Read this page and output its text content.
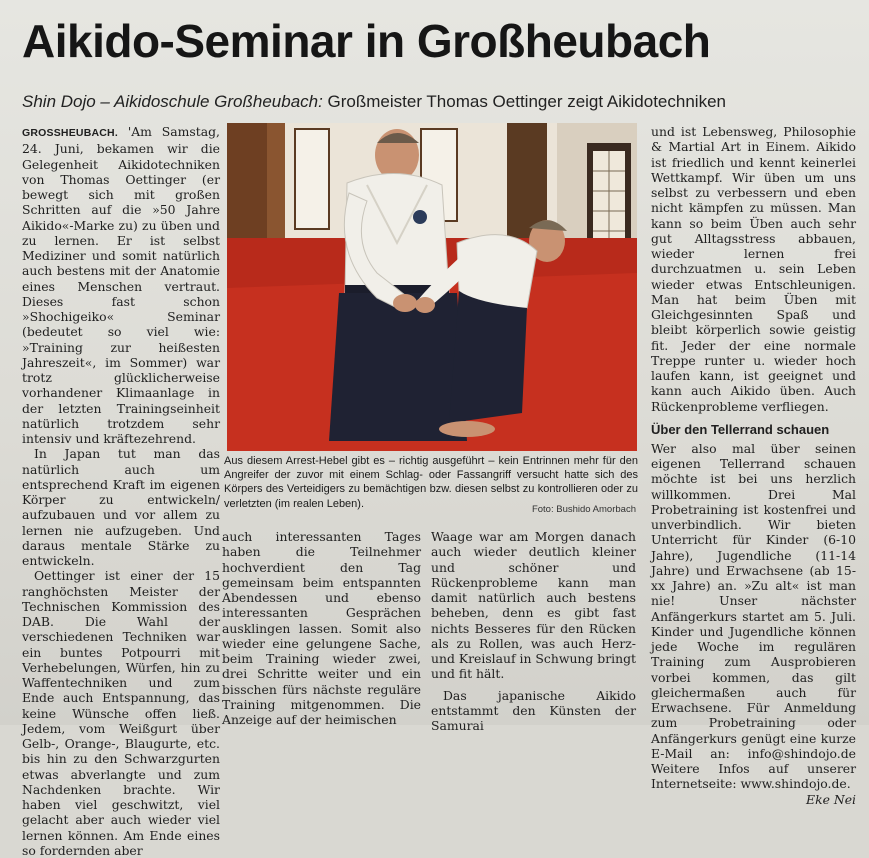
Aikido-Seminar in Großheubach
Shin Dojo – Aikidoschule Großheubach: Großmeister Thomas Oettinger zeigt Aikidotechniken

GROSSHEUBACH. 'Am Samstag, 24. Juni, bekamen wir die Gelegenheit Aikidotechniken von Thomas Oettinger (er bewegt sich mit großen Schritten auf die »50 Jahre Aikido«-Marke zu) zu üben und zu lernen. Er ist selbst Mediziner und somit natürlich auch bestens mit der Anatomie eines Menschen vertraut. Dieses fast schon »Shochigeiko« Seminar (bedeutet so viel wie: »Training zur heißesten Jahreszeit«, im Sommer) war trotz glücklicherweise vorhandener Klimaanlage in der letzten Trainingseinheit natürlich trotzdem sehr intensiv und kräftezehrend.

In Japan tut man das natürlich auch um entsprechend Kraft im eigenen Körper zu entwickeln/ aufzubauen und vor allem zu lernen nie aufzugeben. Und daraus mentale Stärke zu entwickeln.

Oettinger ist einer der 15 ranghöchsten Meister der Technischen Kommission des DAB. Die Wahl der verschiedenen Techniken war ein buntes Potpourri mit Verhebelungen, Würfen, hin zu Waffentechniken und zum Ende auch Entspannung, das keine Wünsche offen ließ. Jedem, vom Weißgurt über Gelb-, Orange-, Blaugurte, etc. bis hin zu den Schwarzgurten etwas abverlangte und zum Nachdenken brachte. Wir haben viel geschwitzt, viel gelacht aber auch wieder viel lernen können. Am Ende eines so fordernden aber

Aus diesem Arrest-Hebel gibt es – richtig ausgeführt – kein Entrinnen mehr für den Angreifer der zuvor mit einem Schlag- oder Fassangriff versucht hatte sich des Körpers des Verteidigers zu bemächtigen bzw. diesen selbst zu kontrollieren oder zu verletzten (im realen Leben).	Foto: Bushido Amorbach

auch interessanten Tages haben die Teilnehmer hochverdient den Tag gemeinsam beim entspannten Abendessen und ebenso interessanten Gesprächen ausklingen lassen. Somit also wieder eine gelungene Sache, beim Training wieder zwei, drei Schritte weiter und ein bisschen fürs nächste reguläre Training mitgenommen. Die Anzeige auf der heimischen

Waage war am Morgen danach auch wieder deutlich kleiner und schöner und Rückenprobleme kann man damit natürlich auch bestens beheben, denn es gibt fast nichts Besseres für den Rücken als zu Rollen, was auch Herz- und Kreislauf in Schwung bringt und fit hält.

Das japanische Aikido entstammt den Künsten der Samurai

und ist Lebensweg, Philosophie & Martial Art in Einem. Aikido ist friedlich und kennt keinerlei Wettkampf. Wir üben um uns selbst zu verbessern und eben nicht kämpfen zu müssen. Man kann so beim Üben auch sehr gut Alltagsstress abbauen, wieder lernen frei durchzuatmen u. sein Leben wieder etwas Entschleunigen. Man hat beim Üben mit Gleichgesinnten Spaß und bleibt körperlich sowie geistig fit. Jeder der eine normale Treppe runter u. wieder hoch laufen kann, ist geeignet und kann auch Aikido üben. Auch Rückenprobleme verfliegen.

Über den Tellerrand schauen

Wer also mal über seinen eigenen Tellerrand schauen möchte ist bei uns herzlich willkommen. Drei Mal Probetraining ist kostenfrei und unverbindlich. Wir bieten Unterricht für Kinder (6-10 Jahre), Jugendliche (11-14 Jahre) und Erwachsene (ab 15-xx Jahre) an. »Zu alt« ist man nie! Unser nächster Anfängerkurs startet am 5. Juli. Kinder und Jugendliche können jede Woche im regulären Training zum Ausprobieren vorbei kommen, das gilt gleichermaßen auch für Erwachsene. Für Anmeldung zum Probetraining oder Anfängerkurs genügt eine kurze E-Mail an: info@shindojo.de Weitere Infos auf unserer Internetseite: www.shindojo.de.
Eke Nei
